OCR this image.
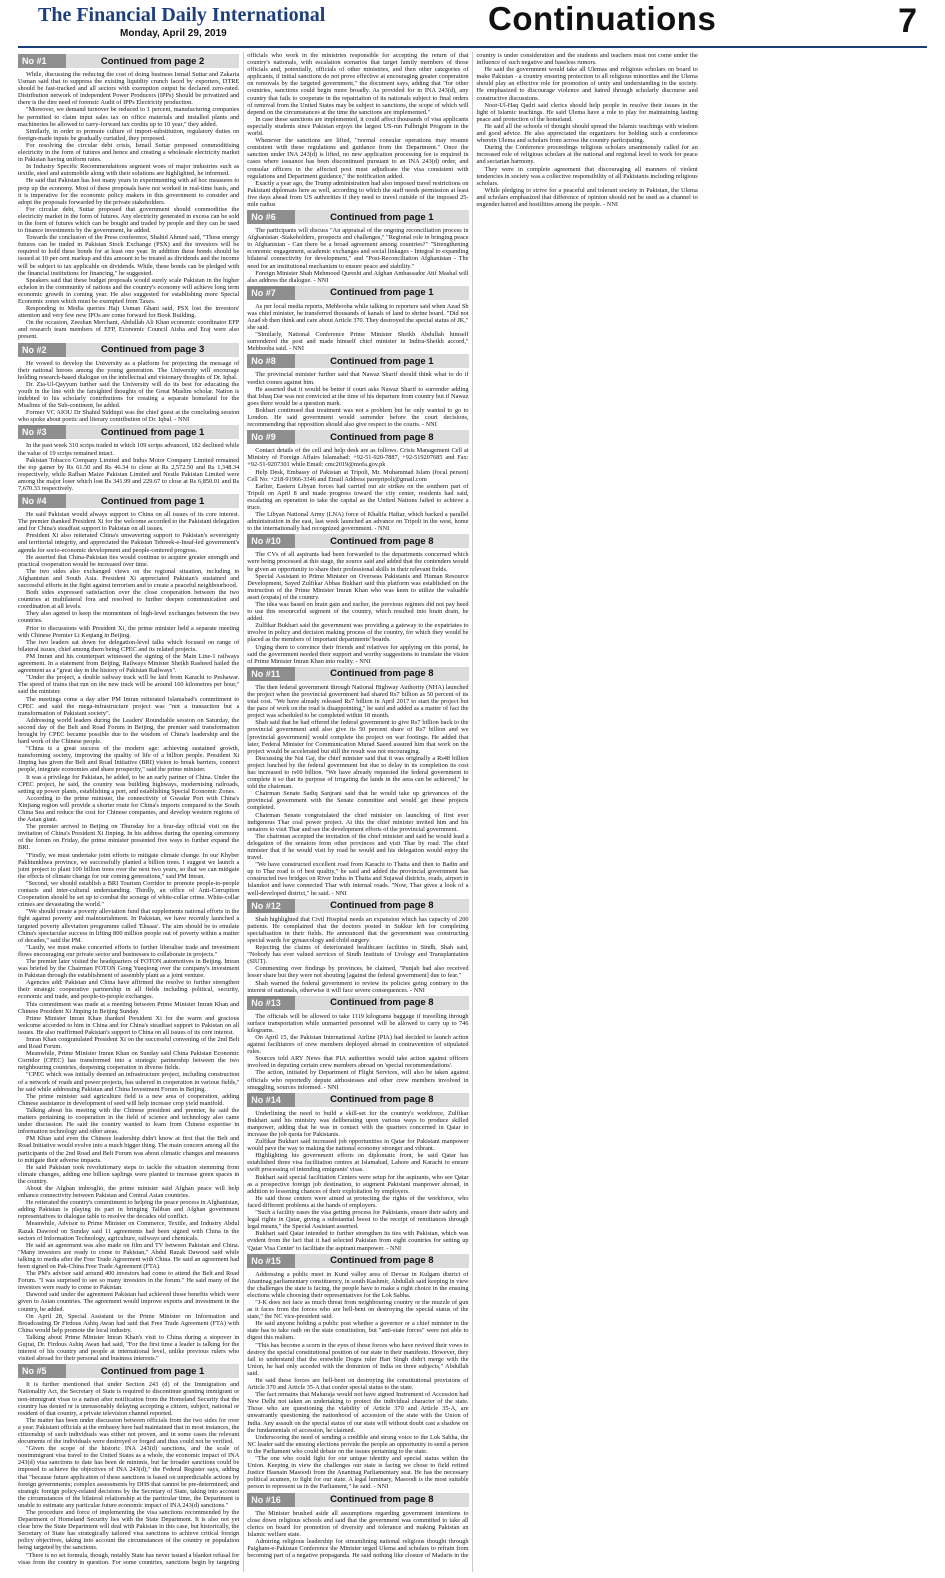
The Financial Daily International
Monday, April 29, 2019	Continuations	7
No #1	Continued from page 2

While, discussing the reducing the cost of doing business Ismail Suttar and Zakaria Usman said that to suppress the existing liquidity crunch faced by exporters, DTRE should be fast-tracked and all sectors with exemption output be declared zero-rated. Distribution network of independent Power Producers (IPPs) Should be privatized and there is the dire need of forensic Audit of IPPs Electricity production.

"Moreover, we demand turnover be reduced to 1 percent, manufacturing companies be permitted to claim input sales tax on office materials and installed plants and machineries be allowed to carry-forward tax credits up to 10 year," they added.

Similarly, in order to promote culture of import-substitution, regulatory duties on foreign-made inputs be gradually curtailed, they proposed.

For resolving the circular debt crisis, Ismail Suttar proposed commoditising electricity in the form of futures and hence and creating a wholesale electricity market in Pakistan having uniform rates.

In Industry Specific Recommendations segment woes of major industries such as textile, steel and automobile along with their solutions are highlighted, he informed.

He said that Pakistan has lost many years in experimenting with ad hoc measures to prop up the economy. Most of these proposals have not worked in real-time basis, and it is imperative for the economic policy makers in this government to consider and adopt the proposals forwarded by the private stakeholders.

For circular debt, Suttar proposed that government should commoditise the electricity market in the form of futures. Any electricity generated in excess can be sold in the form of futures which can be bought and traded by people and they can be used to finance investments by the government, he added.

Towards the conclusion of the Press conference, Shahid Ahmed said, "These energy futures can be traded in Pakistan Stock Exchange (PSX) and the investors will be required to hold these bonds for at least one year. In addition these bonds should be issued at 10 per cent markup and this amount to be treated as dividends and the income will be subject to tax applicable on dividends. While, these bonds can be pledged with the financial institutions for financing," he suggested.

Speakers said that these budget proposals would surely scale Pakistan in the higher echelon in the community of nations and the country's economy will achieve long term economic growth in coming year. He also suggested for establishing more Special Economic zones which must be exempted from Taxes.

Responding to Media queries Haji Usman Ghani said, PSX lost the investors' attention and very few new IPOs are come forward for Book Building.

On the occasion, Zeeshan Merchant, Abdullah Ali Khan economic coordinator EFP and research team members of EFP, Economic Council Aisha and Eraj were also present.

No #2	Continued from page 3

He vowed to develop the University as a platform for projecting the message of their national heroes among the young generation. The University will encourage holding research-based dialogue on the intellectual and visionary thoughts of Dr. Iqbal.

Dr. Zia-Ul-Qayyum further said the University will do its best for educating the youth in the line with the farsighted thoughts of the Great Muslim scholar. Nation is indebted to his scholarly contributions for creating a separate homeland for the Muslims of the Sub-continent, he added.

Former VC AIOU Dr Shahid Siddiqui was the chief guest at the concluding session who spoke about poetic and literary contribution of Dr. Iqbal. - NNI

No #3	Continued from page 1

In the past week 310 scrips traded in which 109 scrips advanced, 182 declined while the value of 19 scrips remained intact.

Pakistan Tobacco Company Limited and Indus Motor Company Limited remained the top gainer by Rs 61.50 and Rs 46.34 to close at Rs 2,572.50 and Rs 1,348.34 respectively, while Rafhan Maize Pakistan Limited and Nestle Pakistan Limited were among the major loser which lost Rs 341.99 and 229.67 to close at Rs 6,850.01 and Rs 7,670.33 respectively.

No #4	Continued from page 1

He said Pakistan would always support to China on all issues of its core interest. The premier thanked President Xi for the welcome accorded to the Pakistani delegation and for China's steadfast support to Pakistan on all issues.

President Xi also reiterated China's unwavering support to Pakistan's sovereignty and territorial integrity, and appreciated the Pakistan Tehreek-e-Insaf-led government's agenda for socio-economic development and people-centered progress.

He asserted that China-Pakistan ties would continue to acquire greater strength and practical cooperation would be increased over time.

The two sides also exchanged views on the regional situation, including in Afghanistan and South Asia. President Xi appreciated Pakistan's sustained and successful efforts in the fight against terrorism and to create a peaceful neighbourhood.

Both sides expressed satisfaction over the close cooperation between the two countries at multilateral fora and resolved to further deepen communication and coordination at all levels.

They also agreed to keep the momentum of high-level exchanges between the two countries.

Prior to discussions with President Xi, the prime minister held a separate meeting with Chinese Premier Li Keqiang in Beijing.

The two leaders sat down for delegation-level talks which focused on range of bilateral issues, chief among them being CPEC and its related projects.

PM Imran and his counterpart witnessed the signing of the Main Line-1 railways agreement. In a statement from Beijing, Railways Minister Sheikh Rasheed hailed the agreement as a "great day in the history of Pakistan Railways".

"Under the project, a double railway track will be laid from Karachi to Peshawar. The speed of trains that run on the new track will be around 160 kilometres per hour," said the minister.

The meetings come a day after PM Imran reiterated Islamabad's commitment to CPEC and said the mega-infrastructure project was "not a transaction but a transformation of Pakistani society".

Addressing world leaders during the Leaders' Roundtable session on Saturday, the second day of the Belt and Road Forum in Beijing, the premier said transformation brought by CPEC became possible due to the wisdom of China's leadership and the hard work of the Chinese people.

"China is a great success of the modern age: achieving sustained growth, transforming society, improving the quality of life of a billion people. President Xi Jinping has given the Belt and Road Initiative (BRI) vision to break barriers, connect people, integrate economies and share prosperity," said the prime minister.

It was a privilege for Pakistan, he added, to be an early partner of China. Under the CPEC project, he said, the country was building highways, modernising railroads, setting up power plants, establishing a port, and establishing Special Economic Zones.

According to the prime minister, the connectivity of Gwadar Port with China's Xinjiang region will provide a shorter route for China's imports compared to the South China Sea and reduce the cost for Chinese companies, and develop western regions of the Asian giant.

The premier arrived in Beijing on Thursday for a four-day official visit on the invitation of China's President Xi Jinping. In his address during the opening ceremony of the forum on Friday, the prime minister presented five ways to further expand the BRI.

"Firstly, we must undertake joint efforts to mitigate climate change. In our Khyber Pakhtunkhwa province, we successfully planted a billion trees. I suggest we launch a joint project to plant 100 billion trees over the next two years, so that we can mitigate the effects of climate change for our coming generations," said PM Imran.

"Second, we should establish a BRI Tourism Corridor to promote people-to-people contacts and inter-cultural understanding. Thirdly, an office of Anti-Corruption Cooperation should be set up to combat the scourge of white-collar crime. White-collar crimes are devastating the world."

"We should create a poverty alleviation fund that supplements national efforts in the fight against poverty and malnourishment. In Pakistan, we have recently launched a targeted poverty alleviation programme called 'Ehsaas'. The aim should be to emulate China's spectacular success in lifting 800 million people out of poverty within a matter of decades," said the PM.

"Lastly, we must make concerted efforts to further liberalise trade and investment flows encouraging our private sector and businesses to collaborate in projects."

The premier later visited the headquarters of FOTON automotives in Beijing. Imran was briefed by the Chairman FOTON Gong Yueqiong over the company's investment in Pakistan through the establishment of assembly plant as a joint venture.

Agencies add: Pakistan and China have affirmed the resolve to further strengthen their strategic cooperative partnership in all fields including political, security, economic and trade, and people-to-people exchanges.

This commitment was made at a meeting between Prime Minister Imran Khan and Chinese President Xi Jinping in Beijing Sunday.

Prime Minister Imran Khan thanked President Xi for the warm and gracious welcome accorded to him in China and for China's steadfast support to Pakistan on all issues. He also reaffirmed Pakistan's support to China on all issues of its core interest.

Imran Khan congratulated President Xi on the successful convening of the 2nd Belt and Road Forum.

Meanwhile, Prime Minister Imran Khan on Sunday said China Pakistan Economic Corridor (CPEC) has transformed into a strategic partnership between the two neighbouring countries, deepening cooperation in diverse fields.

"CPEC which was initially deemed an infrastructure project, including construction of a network of roads and power projects, has ushered in cooperation in various fields," he said while addressing Pakistan and China Investment Forum in Beijing.

The prime minister said agriculture field is a new area of cooperation, adding Chinese assistance in development of seed will help increase crop yield manifold.

Talking about his meeting with the Chinese president and premier, he said the matters pertaining to cooperation in the field of science and technology also came under discussion. He said the country wanted to learn from Chinese expertise in information technology and other areas.

PM Khan said even the Chinese leadership didn't know at first that the Belt and Road Initiative would evolve into a much bigger thing. The main concern among all the participants of the 2nd Road and Belt Forum was about climatic changes and measures to mitigate their adverse impacts.

He said Pakistan took revolutionary steps to tackle the situation stemming from climate changes, adding one billion saplings were planted to increase green spaces in the country.

About the Afghan imbroglio, the prime minister said Afghan peace will help enhance connectivity between Pakistan and Central Asian countries.

He reiterated the country's commitment to helping the peace process in Afghanistan, adding Pakistan is playing its part in bringing Taliban and Afghan government representatives to dialogue table to resolve the decades old conflict.

Meanwhile, Advisor to Prime Minister on Commerce, Textile, and Industry Abdul Razak Dawood on Sunday said 11 agreements had been signed with China in the sectors of Information Technology, agriculture, railways and chemicals.

He said an agreement was also made on film and TV between Pakistan and China. "Many investors are ready to come to Pakistan," Abdul Razak Dawood said while talking to media after the Free Trade Agreement with China. He said an agreement had been signed on Pak-China Free Trade Agreement (FTA).

The PM's advisor said around 400 investors had come to attend the Belt and Road Forum. "I was surprised to see so many investors in the forum." He said many of the investors were ready to come to Pakistan.

Dawood said under the agreement Pakistan had achieved those benefits which were given to Asian countries. The agreement would improve exports and investment in the country, he added.

On April 28, Special Assistant to the Prime Minister on Information and Broadcasting Dr Firdous Ashiq Awan had said that Free Trade Agreement (FTA) with China would help promote the local industry.

Talking about Prime Minister Imran Khan's visit to China during a stopover in Gujrat, Dr. Firdous Ashiq Awan had said, "For the first time a leader is talking for the interest of his country and people at international level, unlike previous rulers who visited abroad for their personal and business interests."

No #5	Continued from page 1

It is further mentioned that under Section 243 (d) of the Immigration and Nationality Act, the Secretary of State is required to discontinue granting immigrant or non-immigrant visas to a nation after notification from the Homeland Security that the country has denied or is unreasonably delaying accepting a citizen, subject, national or resident of that country, a private television channel reported.

The matter has been under discussion between officials from the two sides for over a year. Pakistani officials at the embassy here had maintained that in most instances, the citizenship of such individuals was either not proven, and in some cases the relevant documents of the individuals were destroyed or forged and thus could not be verified.

"Given the scope of the historic INA 243(d) sanctions, and the scale of nonimmigrant visa travel to the United States as a whole, the economic impact of INA 243(d) visa sanctions to date has been de minimis, but far broader sanctions could be imposed to achieve the objectives of INA 243(d)," the Federal Register says, adding that "because future application of these sanctions is based on unpredictable actions by foreign governments; complex assessments by DHS that cannot be pre-determined; and strategic foreign policy-related decisions by the Secretary of State, taking into account the circumstances of the bilateral relationship at the particular time, the Department is unable to estimate any particular future economic impact of INA 243(d) sanctions."

The procedure and force of implementing the visa sanctions recommended by the Department of Homeland Security lies with the State Department. It is also not yet clear how the State Department will deal with Pakistan in this case, but historically, the Secretary of State has strategically tailored visa sanctions to achieve critical foreign policy objectives, taking into account the circumstances of the country or population being targeted by the sanctions.

"There is no set formula, though, notably State has never issued a blanket refusal for visas from the country in question. For some countries, sanctions begin by targeting officials who work in the ministries responsible for accepting the return of that country's nationals, with escalation scenarios that target family members of those officials and, potentially, officials of other ministries, and then other categories of applicants, if initial sanctions do not prove effective at encouraging greater cooperation on removals by the targeted government," the document says, adding that "for other countries, sanctions could begin more broadly. As provided for in INA 243(d), any country that fails to cooperate in the repatriation of its nationals subject to final orders of removal from the United States may be subject to sanctions, the scope of which will depend on the circumstances at the time the sanctions are implemented."

In case these sanctions are implemented, it could affect thousands of visa applicants especially students since Pakistan enjoys the largest US-run Fulbright Program in the world.

Whenever the sanctions are lifted, "normal consular operations may resume consistent with these regulations and guidance from the Department." Once the sanction under INA 243(d) is lifted, no new application processing fee is required in cases where issuance has been discontinued pursuant to an INA 243(d) order, and consular officers in the affected post must adjudicate the visa consistent with regulations and Department guidance," the notification added.

Exactly a year ago, the Trump administration had also imposed travel restrictions on Pakistani diplomats here as well, according to which the staff needs permission at least five days ahead from US authorities if they need to travel outside of the imposed 25-mile radius

No #6	Continued from page 1

The participants will discuss "An appraisal of the ongoing reconciliation process in Afghanistan -Stakeholders, prospects and challenges," "Regional role in bringing peace to Afghanistan - Can there be a broad agreement among countries?" "Strengthening economic engagement, academic exchanges and social linkages - Integral to expanding bilateral connectivity for development," and "Post-Reconciliation Afghanistan - The need for an institutional mechanism to ensure peace and stability."

Foreign Minister Shah Mehmood Qureshi and Afghan Ambassador Atif Mashal will also address the dialogue. - NNI

No #7	Continued from page 1

As per local media reports, Mehbooba while talking to reporters said when Azad Sb was chief minister, he transferred thousands of kanals of land to shrine board. "Did not Azad sb then think and care about Article 370. They destroyed the special status of JK," she said.

"Similarly, National Conference Prime Minister Sheikh Abdullah himself surrendered the post and made himself chief minister in Indira-Sheikh accord," Mehbooba said. - NNI

No #8	Continued from page 1

The provincial minister further said that Nawaz Sharif should think what to do if verdict comes against him.

He asserted that it would be better if court asks Nawaz Sharif to surrender adding that Ishaq Dar was not convicted at the time of his departure from country but if Nawaz goes there would be a question mark.

Bokhari continued that treatment was not a problem but he only wanted to go to London. He said government would surrender before the court decisions, recommending that opposition should also give respect to the courts. - NNI

No #9	Continued from page 8

Contact details of the cell and help desk are as follows. Crisis Management Cell at Ministry of Foreign Affairs Islamabad: +92-51-920-7887, +92-519207685 and Fax: +92-51-9207301 while Email: cmc2019@mofa.gov.pk

Help Desk, Embassy of Pakistan at Tripoli, Mr. Muhammad Islam (focal person) Cell No: +218-91966-3346 and Email Address parepripoli@gmail.com

Earlier, Eastern Libyan forces had carried out air strikes on the southern part of Tripoli on April 8 and made progress toward the city center, residents had said, escalating an operation to take the capital as the United Nations failed to achieve a truce.

The Libyan National Army (LNA) force of Khalifa Haftar, which backed a parallel administration in the east, last week launched an advance on Tripoli in the west, home to the internationally had recognized government. - NNI

No #10	Continued from page 8

The CVs of all aspirants had been forwarded to the departments concerned which were being processed at this stage, the source said and added that the contenders would be given an opportunity to share their professional skills in their relevant fields.

Special Assistant to Prime Minister on Overseas Pakistanis and Human Resource Development, Sayed Zulfikar Abbas Bukhari said this platform was established on the instruction of the Prime Minister Imran Khan who was keen to utilize the valuable asset (expats) of the country.

The idea was based on brain gain and earlier, the previous regimes did not pay heed to use this resourceful segment of the country, which resulted into brain drain, he added.

Zulfikar Bukhari said the government was providing a gateway to the expatriates to involve in policy and decision making process of the country, for which they would be placed as the members of important departments' boards.

Urging them to convince their friends and relatives for applying on this portal, he said the government needed their support and worthy suggestions to translate the vision of Prime Minister Imran Khan into reality. - NNI

No #11	Continued from page 8

The then federal government through National Highway Authority (NHA) launched the project when the provincial government had shared Rs7 billion as 50 percent of its total cost. "We have already released Rs7 billion in April 2017 to start the project but the pace of work on the road is disappointing," he said and added as a matter of fact the project was scheduled to be completed within 18 month.

Shah said that he had offered the federal government to give Rs7 billion back to the provincial government and also give its 50 percent share of Rs7 billion and we [provincial government] would complete the project on war footings. He added that later, Federal Minister for Communication Murad Saeed assured him that work on the project would be accelerated but still the result was not encouraging.

Discussing the Nai Gaj, the chief minister said that it was originally a Rs48 billion project lunched by the federal government but due to delay in its completion its cost has increased to rs60 billion. "We have already requested the federal government to complete it so that its purpose of irrigating the lands in the area can be achieved," he told the chairman.

Chairman Senate Sadiq Sanjrani said that he would take up grievances of the provincial government with the Senate committee and would get these projects completed.

Chairman Senate congratulated the chief minister on launching of first ever indigenous Thar coal power project. At this the chief minister invited him and his senators to visit Thar and see the development efforts of the provincial government.

The chairman accepted the invitation of the chief minister and said he would lead a delegation of the senators from other provinces and visit Thar by road. The chief minister that if he would visit by road he would and his delegation would enjoy the travel.

"We have constructed excellent road from Karachi to Thatta and then to Badin and up to Thar road is of best quality," he said and added the provincial government has constructed two bridges on River Indus in Thatta and Sujawal districts, roads, airport in Islamkot and have connected Thar with internal roads. "Now, Thar gives a look of a well-developed district," he said. - NNI

No #12	Continued from page 8

Shah highlighted that Civil Hospital needs an expansion which has capacity of 200 patients. He complained that the doctors posted in Sukkur left for completing specialisation in their fields. He announced that the government was constructing special wards for gynaecology and child surgery.

Rejecting the claims of deteriorated healthcare facilities in Sindh, Shah said, "Nobody has ever valued services of Sindh Institute of Urology and Transplantation (SIUT).

Commenting over findings by provinces, he claimed, "Punjab had also received lesser share but they were not shouting [against the federal government] due to fear."

Shah warned the federal government to review its policies going contrary to the interest of nationals, otherwise it will face severe consequences. - NNI

No #13	Continued from page 8

The officials will be allowed to take 1119 kilograms baggage if travelling through surface transportation while unmarried personnel will be allowed to carry up to 746 kilograms.

On April 15, the Pakistan International Airline (PIA) had decided to launch action against facilitators of crew members deployed abroad in contravention of stipulated rules.

Sources told ARY News that PIA authorities would take action against officers involved in deputing certain crew members abroad on 'special recommendations'.

The action, initiated by Department of Flight Services, will also be taken against officials who reportedly depute airhostesses and other crew members involved in smuggling, sources informed. - NNI

No #14	Continued from page 8

Underlining the need to build a skill-set for the country's workforce, Zulfikar Bukhari said his ministry was deliberating upon various ways to produce skilled manpower, adding that he was in contact with the quarters concerned in Qatar to increase the job quota for Pakistanis.

Zulfikar Bukhari said increased job opportunities in Qatar for Pakistani manpower would pave the way to making the national economy stronger and vibrant.

Highlighting his government efforts on diplomatic front, he said Qatar has established three visa facilitation centres at Islamabad, Lahore and Karachi to ensure swift processing of intending emigrants' visas.

Bukhari said special facilitation Centers were setup for the aspirants, who see Qatar as a prospective foreign job destination, to augment Pakistani manpower abroad, in addition to lessening chances of their exploitation by employers.

He said those centers were aimed at protecting the rights of the workforce, who faced different problems at the hands of employers.

"Such a facility eases the visa getting process for Pakistanis, ensure their safety and legal rights in Qatar, giving a substantial boost to the receipt of remittances through legal means," the Special Assistant asserted.

Bukhari said Qatar intended to further strengthen its ties with Pakistan, which was evident from the fact that it had selected Pakistan from eight countries for setting up 'Qatar Visa Center' to facilitate the aspirant manpower. - NNI

No #15	Continued from page 8

Addressing a public meet in Kund valley area of Devsar in Kulgam district of Anantnag parliamentary constituency, in south Kashmir, Abdullah said keeping in view the challenges the state is facing, the people have to make a right choice in the ensuing elections while choosing their representatives for the Lok Sabha.

"J-K does not face as much threat from neighbouring country or the muzzle of gun as it faces from the forces who are hell-bent on destroying the special status of the state," the NC vice-president said.

He said anyone holding a public post whether a governor or a chief minister in the state has to take oath on the state constitution, but "anti-state forces" were not able to digest this realism.

"This has become a scorn in the eyes of those forces who have revived their vows to destroy the special constitutional position of our state in their manifesto. However, they fail to understand that the erstwhile Dogra ruler Hari Singh didn't merge with the Union, he had only acceded with the dominion of India on three subjects," Abdullah said.

He said these forces are hell-bent on destroying the constitutional provisions of Article 370 and Article 35-A that confer special status to the state.

The fact remains that Maharaja would not have signed Instrument of Accession had New Delhi not taken an undertaking to protect the individual character of the state. Those who are questioning the viability of Article 370 and Article 35-A, are unwarrantly questioning the nationhood of accession of the state with the Union of India. Any assault on the special status of our state will without doubt cast a shadow on the fundamentals of accession, he claimed.

Underscoring the need of sending a credible and strong voice to the Lok Sabha, the NC leader said the ensuing elections provide the people an opportunity to send a person to the Parliament who could debate on the issues pertaining to the state.

"The one who could fight for our unique identity and special status within the Union. Keeping in view the challenges our state is facing we chose to field retired Justice Hasnain Masoodi from the Anantnag Parliamentary seat. He has the necessary political acumen, to fight for our state. A legal luminary, Masoodi is the most suitable person to represent us in the Parliament," he said. - NNI

No #16	Continued from page 8

The Minister brushed aside all assumptions regarding government intentions to close down religious schools and said that the government was committed to take all clerics on board for promotion of diversity and tolerance and making Pakistan an Islamic welfare state.

Admiring religious leadership for streamlining national religious thought through Paigham-e-Pakistan Conference the Minister urged Ulema and scholars to refrain from becoming part of a negative propaganda. He said nothing like closure of Madaris in the country is under consideration and the students and teachers must not come under the influence of such negative and baseless rumors.

He said the government would take all Ulemas and religious scholars on board to make Pakistan - a country ensuring protection to all religious minorities and the Ulema should play an effective role for promotion of unity and understanding in the society. He emphasized to discourage violence and hatred through scholarly discourse and constructive discussions.

Noor-Ul-Haq Qadri said clerics should help people in resolve their issues in the light of Islamic teachings. He said Ulema have a role to play for maintaining lasting peace and protection of the homeland.

He said all the schools of thought should spread the Islamic teachings with wisdom and good advice. He also appreciated the organizers for holding such a conference wherein Ulema and scholars from across the country participating.

During the Conference proceedings religious scholars unanimously called for an increased role of religious scholars at the national and regional level to work for peace and sectarian harmony.

They were in complete agreement that discouraging all manners of violent tendencies in society was a collective responsibility of all Pakistanis including religious scholars.

While pledging to strive for a peaceful and tolerant society in Pakistan, the Ulema and scholars emphasized that difference of opinion should not be used as a channel to engender hatred and hostilities among the people. - NNI
